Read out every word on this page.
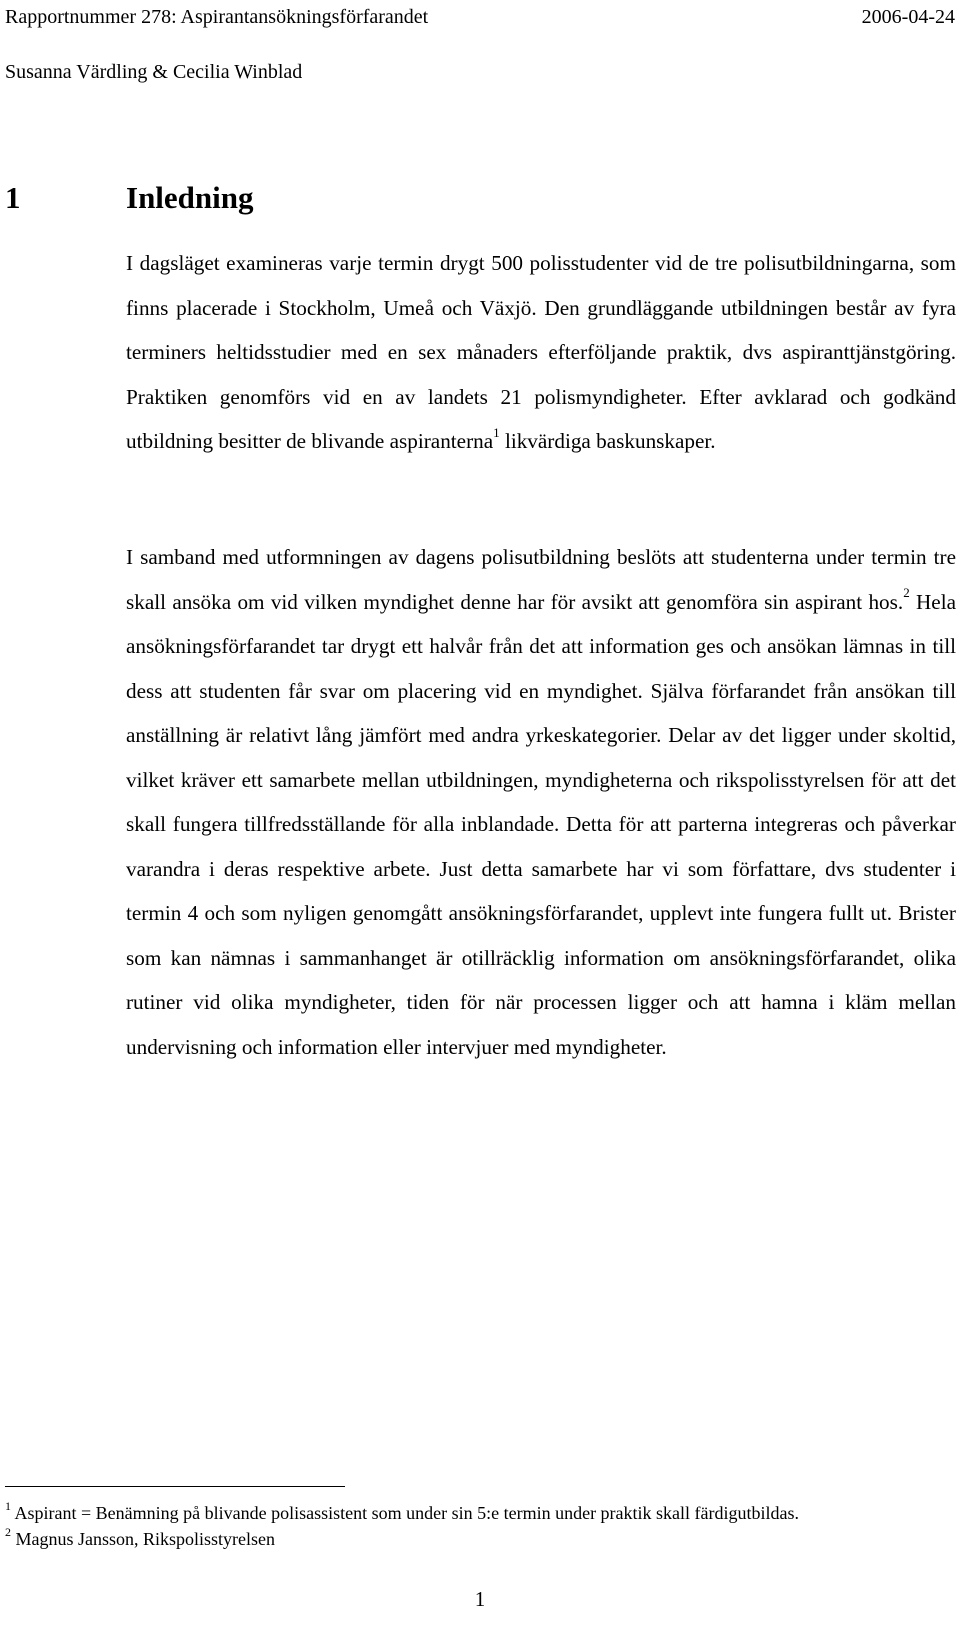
Rapportnummer 278: Aspirantansökningsförfarandet	2006-04-24
Susanna Värdling & Cecilia Winblad
1	Inledning

I dagsläget examineras varje termin drygt 500 polisstudenter vid de tre polisutbildningarna, som finns placerade i Stockholm, Umeå och Växjö. Den grundläggande utbildningen består av fyra terminers heltidsstudier med en sex månaders efterföljande praktik, dvs aspiranttjänstgöring. Praktiken genomförs vid en av landets 21 polismyndigheter. Efter avklarad och godkänd utbildning besitter de blivande aspiranterna$^1$ likvärdiga baskunskaper.

I samband med utformningen av dagens polisutbildning beslöts att studenterna under termin tre skall ansöka om vid vilken myndighet denne har för avsikt att genomföra sin aspirant hos.$^2$ Hela ansökningsförfarandet tar drygt ett halvår från det att information ges och ansökan lämnas in till dess att studenten får svar om placering vid en myndighet. Själva förfarandet från ansökan till anställning är relativt lång jämfört med andra yrkeskategorier. Delar av det ligger under skoltid, vilket kräver ett samarbete mellan utbildningen, myndigheterna och rikspolisstyrelsen för att det skall fungera tillfredsställande för alla inblandade. Detta för att parterna integreras och påverkar varandra i deras respektive arbete. Just detta samarbete har vi som författare, dvs studenter i termin 4 och som nyligen genomgått ansökningsförfarandet, upplevt inte fungera fullt ut. Brister som kan nämnas i sammanhanget är otillräcklig information om ansökningsförfarandet, olika rutiner vid olika myndigheter, tiden för när processen ligger och att hamna i kläm mellan undervisning och information eller intervjuer med myndigheter.

$^1$ Aspirant = Benämning på blivande polisassistent som under sin 5:e termin under praktik skall färdigutbildas.
$^2$ Magnus Jansson, Rikspolisstyrelsen
1
